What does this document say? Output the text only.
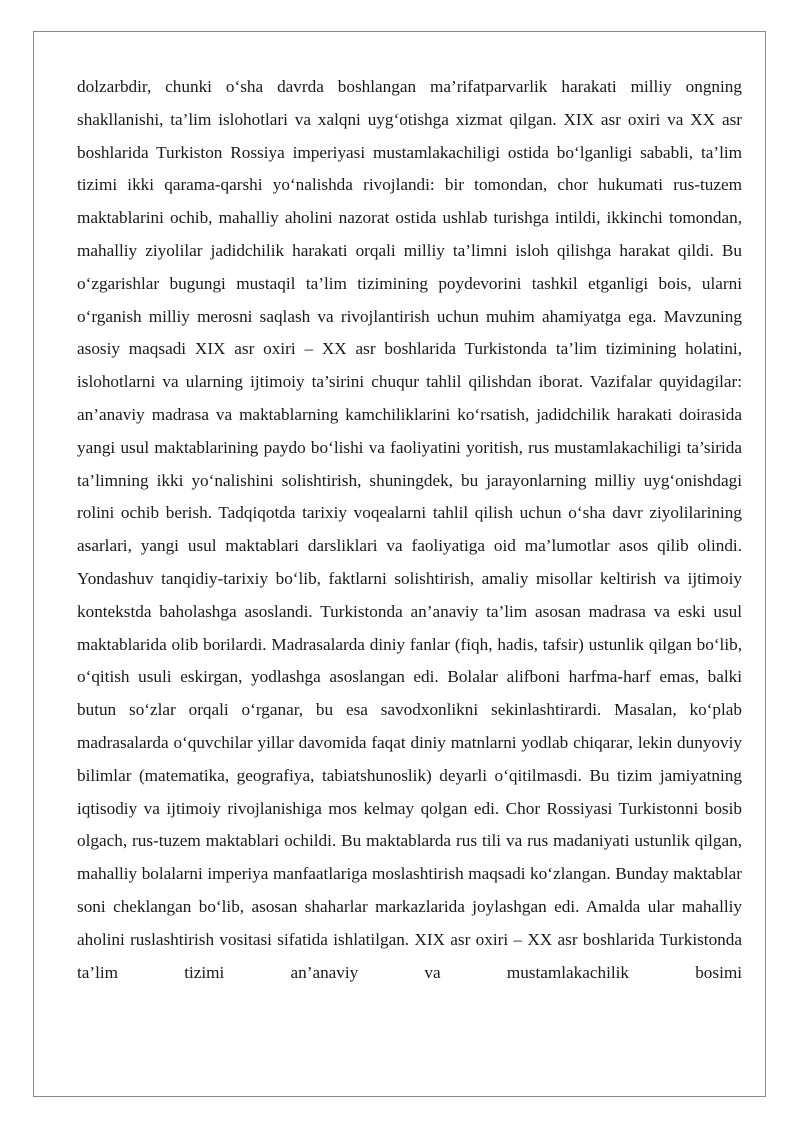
dolzarbdir, chunki o‘sha davrda boshlangan ma’rifatparvarlik harakati milliy ongning shakllanishi, ta’lim islohotlari va xalqni uyg‘otishga xizmat qilgan. XIX asr oxiri va XX asr boshlarida Turkiston Rossiya imperiyasi mustamlakachiligi ostida bo‘lganligi sababli, ta’lim tizimi ikki qarama-qarshi yo‘nalishda rivojlandi: bir tomondan, chor hukumati rus-tuzem maktablarini ochib, mahalliy aholini nazorat ostida ushlab turishga intildi, ikkinchi tomondan, mahalliy ziyolilar jadidchilik harakati orqali milliy ta’limni isloh qilishga harakat qildi. Bu o‘zgarishlar bugungi mustaqil ta’lim tizimining poydevorini tashkil etganligi bois, ularni o‘rganish milliy merosni saqlash va rivojlantirish uchun muhim ahamiyatga ega. Mavzuning asosiy maqsadi XIX asr oxiri – XX asr boshlarida Turkistonda ta’lim tizimining holatini, islohotlarni va ularning ijtimoiy ta’sirini chuqur tahlil qilishdan iborat. Vazifalar quyidagilar: an’anaviy madrasa va maktablarning kamchiliklarini ko‘rsatish, jadidchilik harakati doirasida yangi usul maktablarining paydo bo‘lishi va faoliyatini yoritish, rus mustamlakachiligi ta’sirida ta’limning ikki yo‘nalishini solishtirish, shuningdek, bu jarayonlarning milliy uyg‘onishdagi rolini ochib berish. Tadqiqotda tarixiy voqealarni tahlil qilish uchun o‘sha davr ziyolilarining asarlari, yangi usul maktablari darsliklari va faoliyatiga oid ma’lumotlar asos qilib olindi. Yondashuv tanqidiy-tarixiy bo‘lib, faktlarni solishtirish, amaliy misollar keltirish va ijtimoiy kontekstda baholashga asoslandi. Turkistonda an’anaviy ta’lim asosan madrasa va eski usul maktablarida olib borilardi. Madrasalarda diniy fanlar (fiqh, hadis, tafsir) ustunlik qilgan bo‘lib, o‘qitish usuli eskirgan, yodlashga asoslangan edi. Bolalar alifboni harfma-harf emas, balki butun so‘zlar orqali o‘rganar, bu esa savodxonlikni sekinlashtirardi. Masalan, ko‘plab madrasalarda o‘quvchilar yillar davomida faqat diniy matnlarni yodlab chiqarar, lekin dunyoviy bilimlar (matematika, geografiya, tabiatshunoslik) deyarli o‘qitilmasdi. Bu tizim jamiyatning iqtisodiy va ijtimoiy rivojlanishiga mos kelmay qolgan edi. Chor Rossiyasi Turkistonni bosib olgach, rus-tuzem maktablari ochildi. Bu maktablarda rus tili va rus madaniyati ustunlik qilgan, mahalliy bolalarni imperiya manfaatlariga moslashtirish maqsadi ko‘zlangan. Bunday maktablar soni cheklangan bo‘lib, asosan shaharlar markazlarida joylashgan edi. Amalda ular mahalliy aholini ruslashtirish vositasi sifatida ishlatilgan. XIX asr oxiri – XX asr boshlarida Turkistonda ta’lim tizimi an’anaviy va mustamlakachilik bosimi
